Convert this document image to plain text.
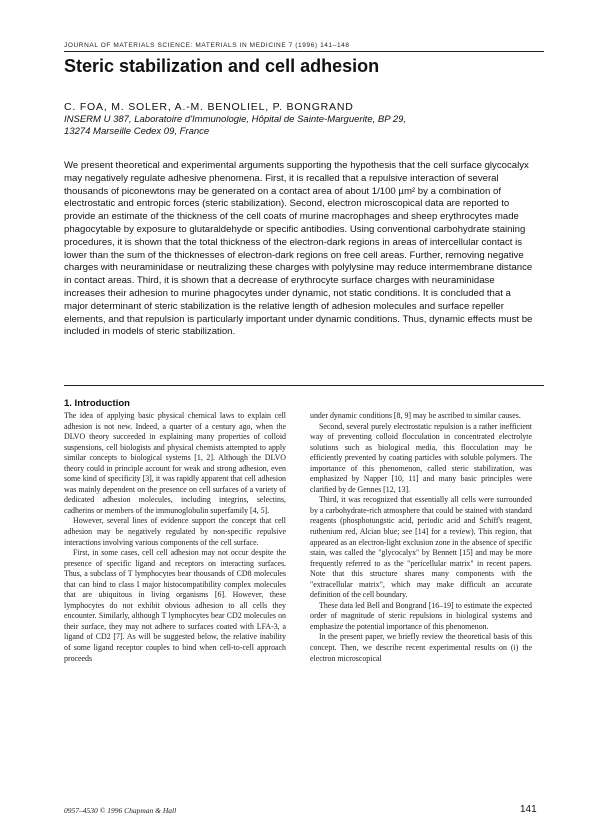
JOURNAL OF MATERIALS SCIENCE: MATERIALS IN MEDICINE 7 (1996) 141–148
Steric stabilization and cell adhesion
C. FOA, M. SOLER, A.-M. BENOLIEL, P. BONGRAND
INSERM U 387, Laboratoire d'Immunologie, Hôpital de Sainte-Marguerite, BP 29,
13274 Marseille Cedex 09, France
We present theoretical and experimental arguments supporting the hypothesis that the cell surface glycocalyx may negatively regulate adhesive phenomena. First, it is recalled that a repulsive interaction of several thousands of piconewtons may be generated on a contact area of about 1/100 µm² by a combination of electrostatic and entropic forces (steric stabilization). Second, electron microscopical data are reported to provide an estimate of the thickness of the cell coats of murine macrophages and sheep erythrocytes made phagocytable by exposure to glutaraldehyde or specific antibodies. Using conventional carbohydrate staining procedures, it is shown that the total thickness of the electron-dark regions in areas of intercellular contact is lower than the sum of the thicknesses of electron-dark regions on free cell areas. Further, removing negative charges with neuraminidase or neutralizing these charges with polylysine may reduce intermembrane distance in contact areas. Third, it is shown that a decrease of erythrocyte surface charges with neuraminidase increases their adhesion to murine phagocytes under dynamic, not static conditions. It is concluded that a major determinant of steric stabilization is the relative length of adhesion molecules and surface repeller elements, and that repulsion is particularly important under dynamic conditions. Thus, dynamic effects must be included in models of steric stabilization.
1. Introduction

The idea of applying basic physical chemical laws to explain cell adhesion is not new. Indeed, a quarter of a century ago, when the DLVO theory succeeded in explaining many properties of colloid suspensions, cell biologists and physical chemists attempted to apply similar concepts to biological systems [1, 2]. Although the DLVO theory could in principle account for weak and strong adhesion, even some kind of specificity [3], it was rapidly apparent that cell adhesion was mainly dependent on the presence on cell surfaces of a variety of dedicated adhesion molecules, including integrins, selectins, cadherins or members of the immunoglobulin superfamily [4, 5].

However, several lines of evidence support the concept that cell adhesion may be negatively regulated by non-specific repulsive interactions involving various components of the cell surface.

First, in some cases, cell cell adhesion may not occur despite the presence of specific ligand and receptors on interacting surfaces. Thus, a subclass of T lymphocytes bear thousands of CD8 molecules that can bind to class I major histocompatibility complex molecules that are ubiquitous in living organisms [6]. However, these lymphocytes do not exhibit obvious adhesion to all cells they encounter. Similarly, although T lymphocytes bear CD2 molecules on their surface, they may not adhere to surfaces coated with LFA-3, a ligand of CD2 [7]. As will be suggested below, the relative inability of some ligand receptor couples to bind when cell-to-cell approach proceeds

under dynamic conditions [8, 9] may be ascribed to similar causes.

Second, several purely electrostatic repulsion is a rather inefficient way of preventing colloid flocculation in concentrated electrolyte solutions such as biological media, this flocculation may be efficiently prevented by coating particles with soluble polymers. The importance of this phenomenon, called steric stabilization, was emphasized by Napper [10, 11] and many basic principles were clarified by de Gennes [12, 13].

Third, it was recognized that essentially all cells were surrounded by a carbohydrate-rich atmosphere that could be stained with standard reagents (phosphotungstic acid, periodic acid and Schiff's reagent, ruthenium red, Alcian blue; see [14] for a review). This region, that appeared as an electron-light exclusion zone in the absence of specific stain, was called the "glycocalyx" by Bennett [15] and may be more frequently referred to as the "pericellular matrix" in recent papers. Note that this structure shares many components with the "extracellular matrix", which may make difficult an accurate definition of the cell boundary.

These data led Bell and Bongrand [16–19] to estimate the expected order of magnitude of steric repulsions in biological systems and emphasize the potential importance of this phenomenon.

In the present paper, we briefly review the theoretical basis of this concept. Then, we describe recent experimental results on (i) the electron microscopical

0957–4530 © 1996 Chapman & Hall	141
